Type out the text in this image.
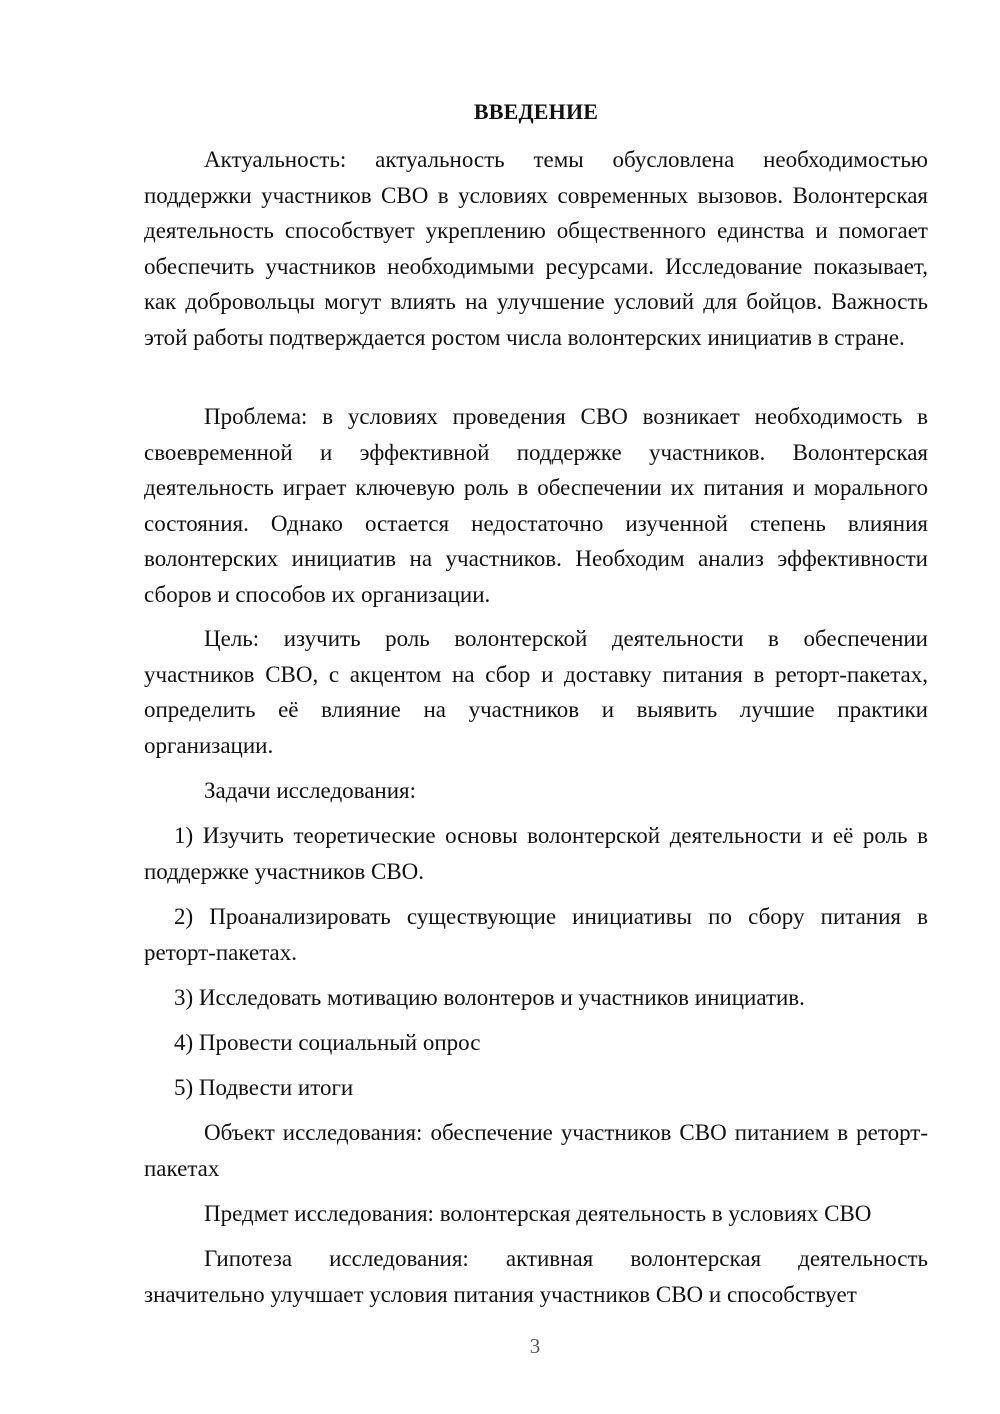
ВВЕДЕНИЕ

Актуальность: актуальность темы обусловлена необходимостью поддержки участников СВО в условиях современных вызовов. Волонтерская деятельность способствует укреплению общественного единства и помогает обеспечить участников необходимыми ресурсами. Исследование показывает, как добровольцы могут влиять на улучшение условий для бойцов. Важность этой работы подтверждается ростом числа волонтерских инициатив в стране.

Проблема: в условиях проведения СВО возникает необходимость в своевременной и эффективной поддержке участников. Волонтерская деятельность играет ключевую роль в обеспечении их питания и морального состояния. Однако остается недостаточно изученной степень влияния волонтерских инициатив на участников. Необходим анализ эффективности сборов и способов их организации.

Цель: изучить роль волонтерской деятельности в обеспечении участников СВО, с акцентом на сбор и доставку питания в реторт-пакетах, определить её влияние на участников и выявить лучшие практики организации.

Задачи исследования:

1) Изучить теоретические основы волонтерской деятельности и её роль в поддержке участников СВО.

2) Проанализировать существующие инициативы по сбору питания в реторт-пакетах.

3) Исследовать мотивацию волонтеров и участников инициатив.

4) Провести социальный опрос

5) Подвести итоги

Объект исследования: обеспечение участников СВО питанием в реторт-пакетах

Предмет исследования: волонтерская деятельность в условиях СВО

Гипотеза исследования: активная волонтерская деятельность значительно улучшает условия питания участников СВО и способствует

3
